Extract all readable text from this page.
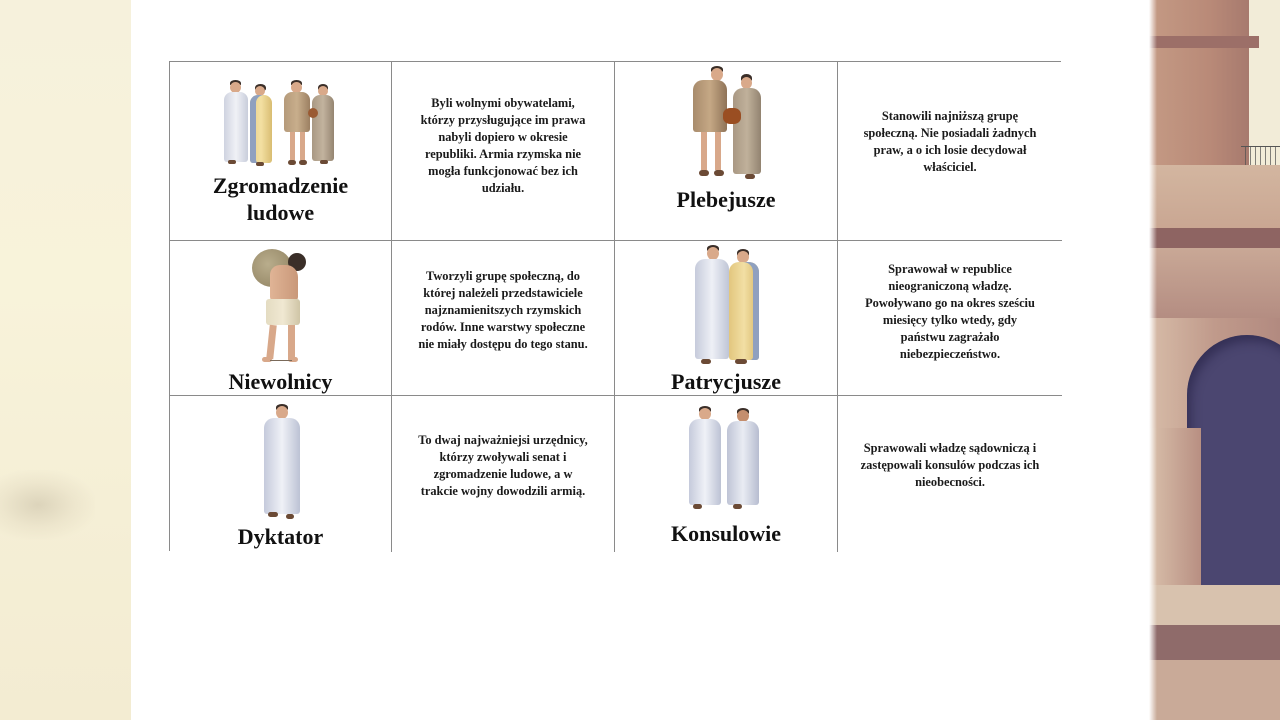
Zgromadzenie
ludowe
Byli wolnymi obywatelami,
którzy przysługujące im prawa
nabyli dopiero w okresie
republiki. Armia rzymska nie
mogła funkcjonować bez ich
udziału.	Plebejusze
Stanowili najniższą grupę
społeczną. Nie posiadali żadnych
praw, a o ich losie decydował
właściciel.
Niewolnicy
Tworzyli grupę społeczną, do
której należeli przedstawiciele
najznamienitszych rzymskich
rodów. Inne warstwy społeczne
nie miały dostępu do tego stanu.
Patrycjusze
Sprawował w republice
nieograniczoną władzę.
Powoływano go na okres sześciu
miesięcy tylko wtedy, gdy
państwu zagrażało
niebezpieczeństwo.
Dyktator
To dwaj najważniejsi urzędnicy,
którzy zwoływali senat i
zgromadzenie ludowe, a w
trakcie wojny dowodzili armią.
Konsulowie
Sprawowali władzę sądowniczą i
zastępowali konsulów podczas ich
nieobecności.
